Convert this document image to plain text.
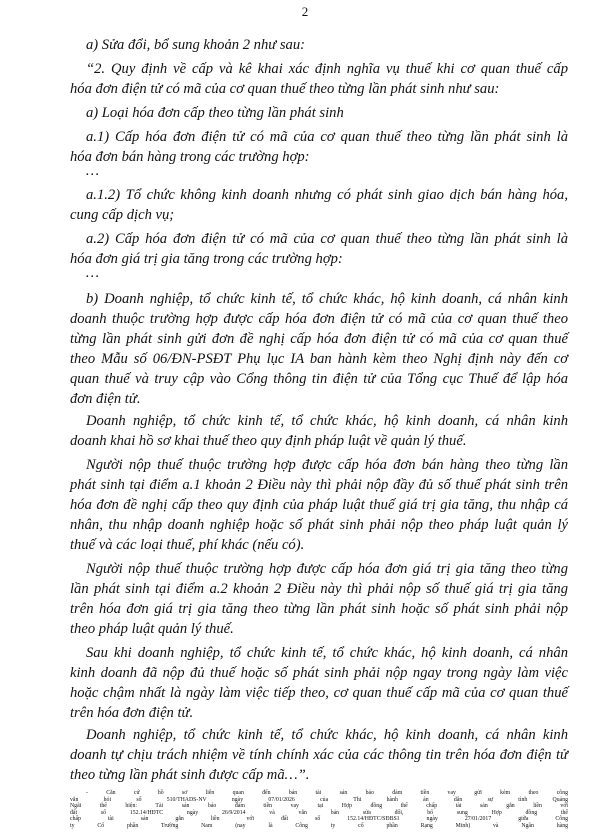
2
a) Sửa đổi, bổ sung khoản 2 như sau:
“2. Quy định về cấp và kê khai xác định nghĩa vụ thuế khi cơ quan thuế cấp
hóa đơn điện tử có mã của cơ quan thuế theo từng lần phát sinh như sau:
a) Loại hóa đơn cấp theo từng lần phát sinh
a.1) Cấp hóa đơn điện tử có mã của cơ quan thuế theo từng lần phát sinh là
hóa đơn bán hàng trong các trường hợp:
…
a.1.2) Tổ chức không kinh doanh nhưng có phát sinh giao dịch bán hàng hóa,
cung cấp dịch vụ;
a.2) Cấp hóa đơn điện tử có mã của cơ quan thuế theo từng lần phát sinh là
hóa đơn giá trị gia tăng trong các trường hợp:
…
b) Doanh nghiệp, tổ chức kinh tế, tổ chức khác, hộ kinh doanh, cá nhân kinh
doanh thuộc trường hợp được cấp hóa đơn điện tử có mã của cơ quan thuế theo
từng lần phát sinh gửi đơn đề nghị cấp hóa đơn điện tử có mã của cơ quan thuế
theo Mẫu số 06/ĐN-PSĐT Phụ lục IA ban hành kèm theo Nghị định này đến cơ
quan thuế và truy cập vào Cổng thông tin điện tử của Tổng cục Thuế để lập hóa
đơn điện tử.
Doanh nghiệp, tổ chức kinh tế, tổ chức khác, hộ kinh doanh, cá nhân kinh
doanh khai hồ sơ khai thuế theo quy định pháp luật về quản lý thuế.
Người nộp thuế thuộc trường hợp được cấp hóa đơn bán hàng theo từng lần
phát sinh tại điểm a.1 khoản 2 Điều này thì phải nộp đầy đủ số thuế phát sinh trên
hóa đơn đề nghị cấp theo quy định của pháp luật thuế giá trị gia tăng, thu nhập cá
nhân, thu nhập doanh nghiệp hoặc số phát sinh phải nộp theo pháp luật quản lý
thuế và các loại thuế, phí khác (nếu có).
Người nộp thuế thuộc trường hợp được cấp hóa đơn giá trị gia tăng theo từng
lần phát sinh tại điểm a.2 khoản 2 Điều này thì phải nộp số thuế giá trị gia tăng
trên hóa đơn giá trị gia tăng theo từng lần phát sinh hoặc số phát sinh phải nộp
theo pháp luật quản lý thuế.
Sau khi doanh nghiệp, tổ chức kinh tế, tổ chức khác, hộ kinh doanh, cá nhân
kinh doanh đã nộp đủ thuế hoặc số phát sinh phải nộp ngay trong ngày làm việc
hoặc chậm nhất là ngày làm việc tiếp theo, cơ quan thuế cấp mã của cơ quan thuế
trên hóa đơn điện tử.
Doanh nghiệp, tổ chức kinh tế, tổ chức khác, hộ kinh doanh, cá nhân kinh
doanh tự chịu trách nhiệm về tính chính xác của các thông tin trên hóa đơn điện tử
theo từng lần phát sinh được cấp mã…”.
- Căn cứ hồ sơ liên quan đến bán tài sản bảo đảm tiền vay gửi kèm theo công
văn hỏi số 510/THADS-NV ngày 07/01/2026 của Thi hành án dân sự tỉnh Quảng
Ngãi thể hiện: Tài sản bảo đảm tiền vay tại Hợp đồng thế chấp tài sản gắn liền với
đất số 152.14/HĐTC ngày 26/9/2014 và văn bản sửa đổi, bổ sung Hợp đồng thế
chấp tài sản gắn liền với đất số 152.14/HĐTC/SĐBS1 ngày 27/01/2017 giữa Công
ty Cổ phần Trường Nam (nay là Công ty cổ phần Rạng Minh) và Ngân hàng
